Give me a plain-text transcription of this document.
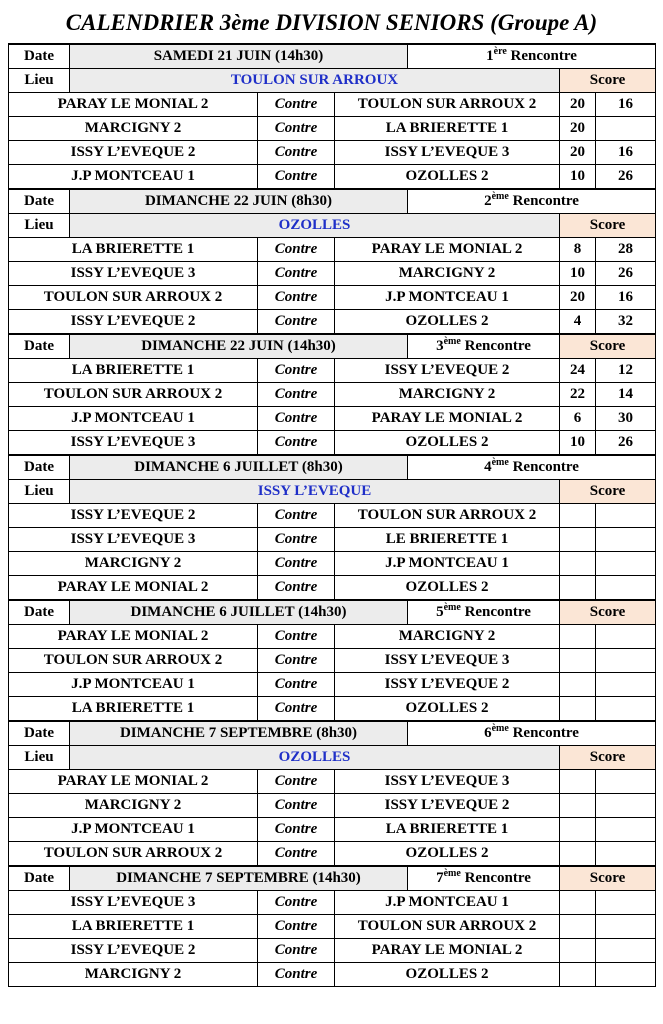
CALENDRIER 3ème DIVISION SENIORS (Groupe A)
Date	SAMEDI 21 JUIN (14h30)			1ère Rencontre		
Lieu	TOULON SUR ARROUX				Score	
PARAY LE MONIAL 2		Contre	TOULON SUR ARROUX 2		20	16
MARCIGNY 2		Contre	LA BRIERETTE 1		20	
ISSY L’EVEQUE 2		Contre	ISSY L’EVEQUE 3		20	16
J.P MONTCEAU 1		Contre	OZOLLES 2		10	26
Date	DIMANCHE 22 JUIN (8h30)			2ème Rencontre		
Lieu	OZOLLES				Score	
LA BRIERETTE 1		Contre	PARAY LE MONIAL 2		8	28
ISSY L’EVEQUE 3		Contre	MARCIGNY 2		10	26
TOULON SUR ARROUX 2		Contre	J.P MONTCEAU 1		20	16
ISSY L’EVEQUE 2		Contre	OZOLLES 2		4	32
Date	DIMANCHE 22 JUIN (14h30)			3ème Rencontre	Score	
LA BRIERETTE 1		Contre	ISSY L’EVEQUE 2		24	12
TOULON SUR ARROUX 2		Contre	MARCIGNY 2		22	14
J.P MONTCEAU 1		Contre	PARAY LE MONIAL 2		6	30
ISSY L’EVEQUE 3		Contre	OZOLLES 2		10	26
Date	DIMANCHE 6 JUILLET (8h30)			4ème Rencontre		
Lieu	ISSY L’EVEQUE				Score	
ISSY L’EVEQUE 2		Contre	TOULON SUR ARROUX 2			
ISSY L’EVEQUE 3		Contre	LE BRIERETTE 1			
MARCIGNY 2		Contre	J.P MONTCEAU 1			
PARAY LE MONIAL 2		Contre	OZOLLES 2			
Date	DIMANCHE 6 JUILLET (14h30)			5ème Rencontre	Score	
PARAY LE MONIAL 2		Contre	MARCIGNY 2			
TOULON SUR ARROUX 2		Contre	ISSY L’EVEQUE 3			
J.P MONTCEAU 1		Contre	ISSY L’EVEQUE 2			
LA BRIERETTE 1		Contre	OZOLLES 2			
Date	DIMANCHE 7 SEPTEMBRE (8h30)			6ème Rencontre		
Lieu	OZOLLES				Score	
PARAY LE MONIAL 2		Contre	ISSY L’EVEQUE 3			
MARCIGNY 2		Contre	ISSY L’EVEQUE 2			
J.P MONTCEAU 1		Contre	LA BRIERETTE 1			
TOULON SUR ARROUX 2		Contre	OZOLLES 2			
Date	DIMANCHE 7 SEPTEMBRE (14h30)			7ème Rencontre	Score	
ISSY L’EVEQUE 3		Contre	J.P MONTCEAU 1			
LA BRIERETTE 1		Contre	TOULON SUR ARROUX 2			
ISSY L’EVEQUE 2		Contre	PARAY LE MONIAL 2			
MARCIGNY 2		Contre	OZOLLES 2			
